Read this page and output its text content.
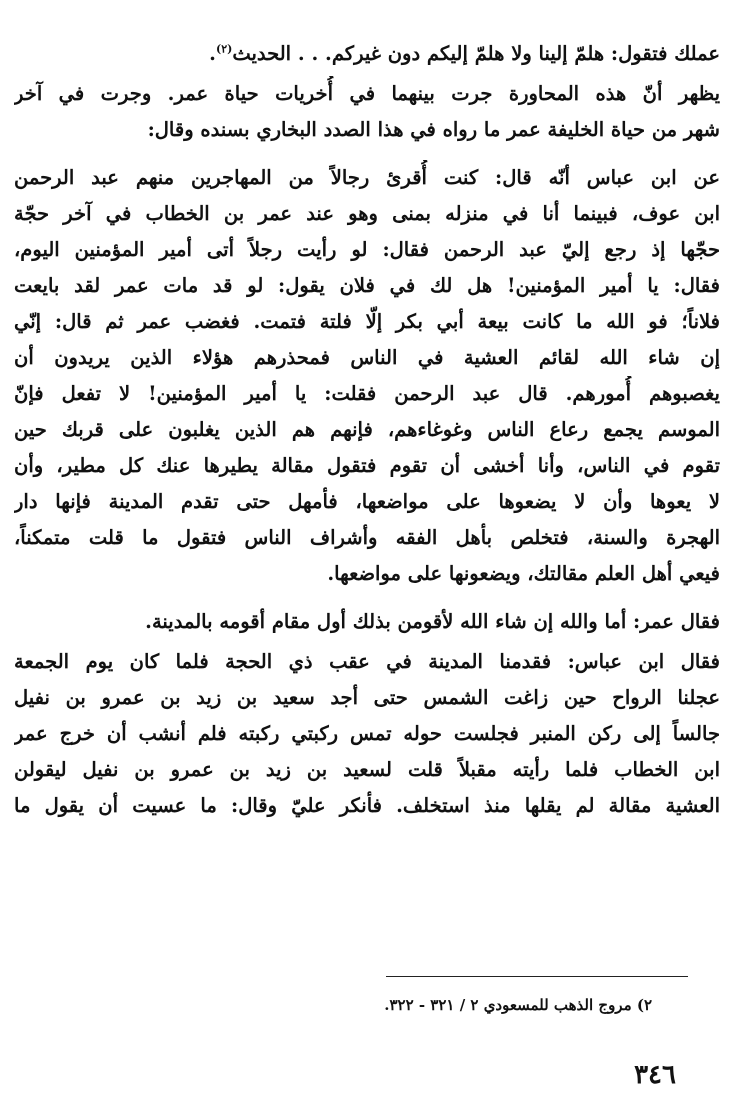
عملك فتقول: هلمّ إلينا ولا هلمّ إليكم دون غيركم. . . الحديث$^{(٢)}$.
يظهر أنّ هذه المحاورة جرت بينهما في أُخريات حياة عمر. وجرت في آخر
شهر من حياة الخليفة عمر ما رواه في هذا الصدد البخاري بسنده وقال:
عن ابن عباس أنّه قال: كنت أُقرئ رجالاً من المهاجرين منهم عبد الرحمن
ابن عوف، فبينما أنا في منزله بمنى وهو عند عمر بن الخطاب في آخر حجّة
حجّها إذ رجع إليّ عبد الرحمن فقال: لو رأيت رجلاً أتى أمير المؤمنين اليوم،
فقال: يا أمير المؤمنين! هل لك في فلان يقول: لو قد مات عمر لقد بايعت
فلاناً؛ فو الله ما كانت بيعة أبي بكر إلّا فلتة فتمت. فغضب عمر ثم قال: إنّي
إن شاء الله لقائم العشية في الناس فمحذرهم هؤلاء الذين يريدون أن
يغصبوهم أُمورهم. قال عبد الرحمن فقلت: يا أمير المؤمنين! لا تفعل فإنّ
الموسم يجمع رعاع الناس وغوغاءهم، فإنهم هم الذين يغلبون على قربك حين
تقوم في الناس، وأنا أخشى أن تقوم فتقول مقالة يطيرها عنك كل مطير، وأن
لا يعوها وأن لا يضعوها على مواضعها، فأمهل حتى تقدم المدينة فإنها دار
الهجرة والسنة، فتخلص بأهل الفقه وأشراف الناس فتقول ما قلت متمكناً،
فيعي أهل العلم مقالتك، ويضعونها على مواضعها.
فقال عمر: أما والله إن شاء الله لأقومن بذلك أول مقام أقومه بالمدينة.
فقال ابن عباس: فقدمنا المدينة في عقب ذي الحجة فلما كان يوم الجمعة
عجلنا الرواح حين زاغت الشمس حتى أجد سعيد بن زيد بن عمرو بن نفيل
جالساً إلى ركن المنبر فجلست حوله تمس ركبتي ركبته فلم أنشب أن خرج عمر
ابن الخطاب فلما رأيته مقبلاً قلت لسعيد بن زيد بن عمرو بن نفيل ليقولن
العشية مقالة لم يقلها منذ استخلف. فأنكر عليّ وقال: ما عسيت أن يقول ما
٢) مروج الذهب للمسعودي ٢ / ٣٢١ - ٣٢٢.
٣٤٦
